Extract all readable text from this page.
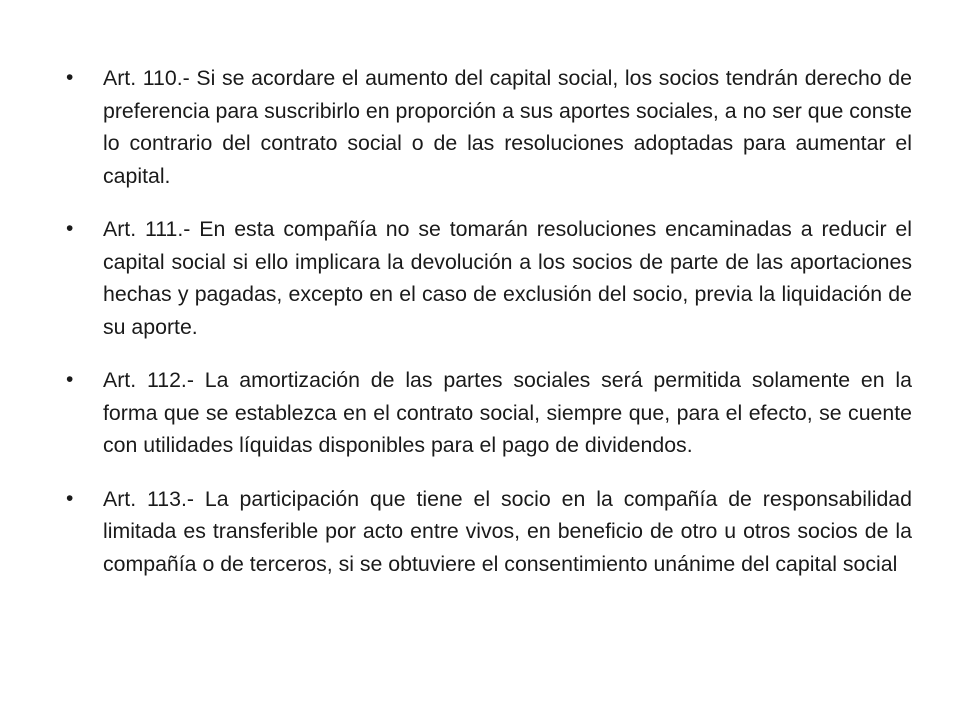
• Art. 110.- Si se acordare el aumento del capital social, los socios tendrán derecho de preferencia para suscribirlo en proporción a sus aportes sociales, a no ser que conste lo contrario del contrato social o de las resoluciones adoptadas para aumentar el capital.
• Art. 111.- En esta compañía no se tomarán resoluciones encaminadas a reducir el capital social si ello implicara la devolución a los socios de parte de las aportaciones hechas y pagadas, excepto en el caso de exclusión del socio, previa la liquidación de su aporte.
• Art. 112.- La amortización de las partes sociales será permitida solamente en la forma que se establezca en el contrato social, siempre que, para el efecto, se cuente con utilidades líquidas disponibles para el pago de dividendos.
• Art. 113.- La participación que tiene el socio en la compañía de responsabilidad limitada es transferible por acto entre vivos, en beneficio de otro u otros socios de la compañía o de terceros, si se obtuviere el consentimiento unánime del capital social
